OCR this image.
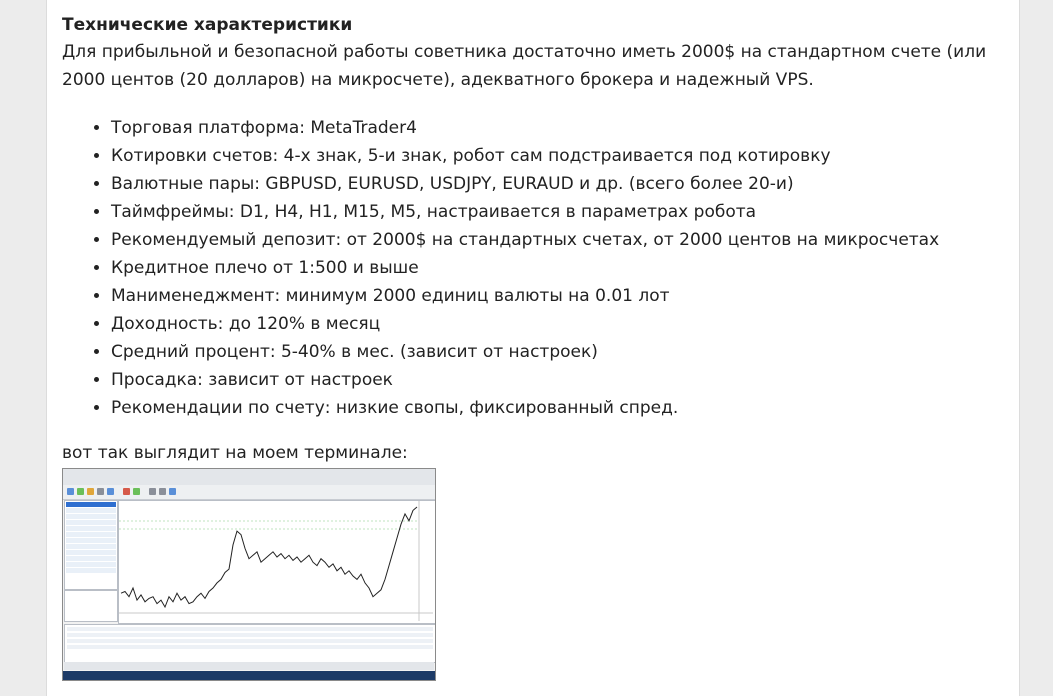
Технические характеристики

Для прибыльной и безопасной работы советника достаточно иметь 2000$ на стандартном счете (или 2000 центов (20 долларов) на микросчете), адекватного брокера и надежный VPS.

• Торговая платформа: MetaTrader4
• Котировки счетов: 4-х знак, 5-и знак, робот сам подстраивается под котировку
• Валютные пары: GBPUSD, EURUSD, USDJPY, EURAUD и др. (всего более 20-и)
• Таймфреймы: D1, H4, H1, M15, M5, настраивается в параметрах робота
• Рекомендуемый депозит: от 2000$ на стандартных счетах, от 2000 центов на микросчетах
• Кредитное плечо от 1:500 и выше
• Манименеджмент: минимум 2000 единиц валюты на 0.01 лот
• Доходность: до 120% в месяц
• Средний процент: 5-40% в мес. (зависит от настроек)
• Просадка: зависит от настроек
• Рекомендации по счету: низкие свопы, фиксированный спред.

вот так выглядит на моем терминале:
